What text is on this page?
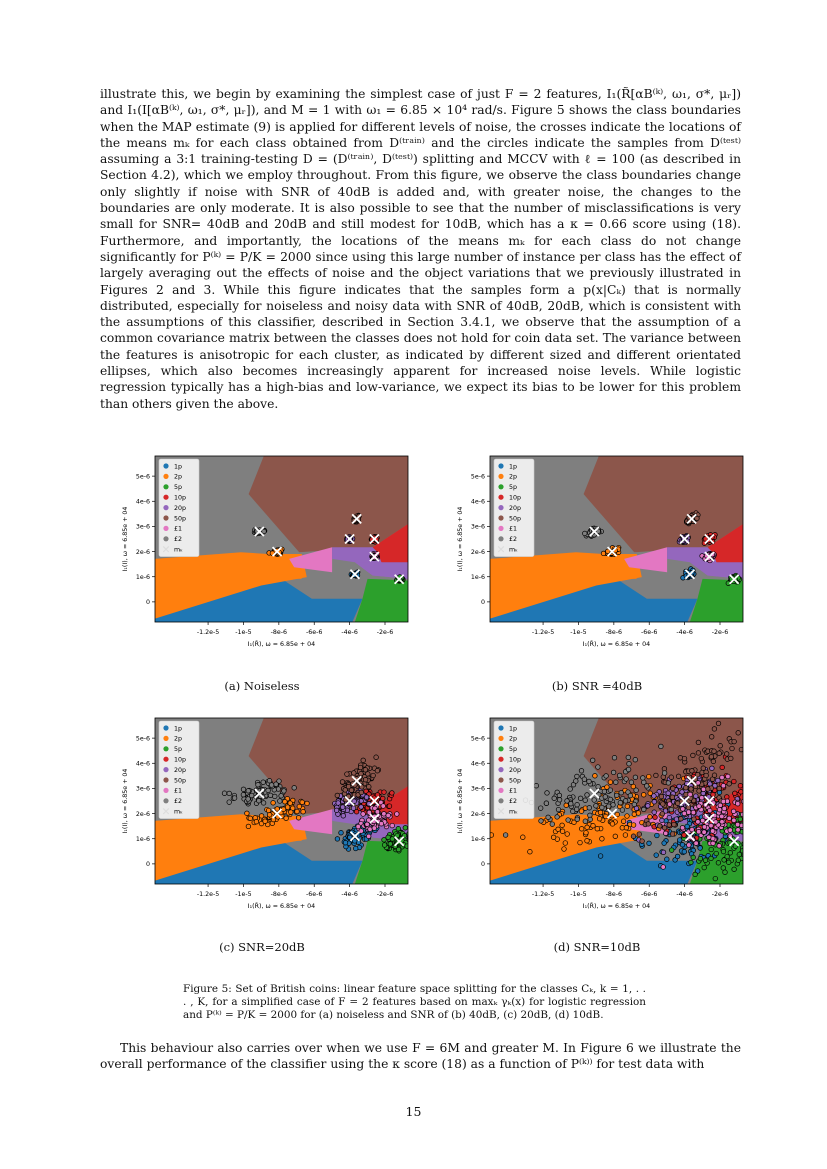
illustrate this, we begin by examining the simplest case of just F = 2 features, I₁(R̃[αB⁽ᵏ⁾, ω₁, σ*, μᵣ]) and I₁(I[αB⁽ᵏ⁾, ω₁, σ*, μᵣ]), and M = 1 with ω₁ = 6.85 × 10⁴ rad/s. Figure 5 shows the class boundaries when the MAP estimate (9) is applied for different levels of noise, the crosses indicate the locations of the means mₖ for each class obtained from D⁽ᵗʳᵃⁱⁿ⁾ and the circles indicate the samples from D⁽ᵗᵉˢᵗ⁾ assuming a 3:1 training-testing D = (D⁽ᵗʳᵃⁱⁿ⁾, D⁽ᵗᵉˢᵗ⁾) splitting and MCCV with ℓ = 100 (as described in Section 4.2), which we employ throughout. From this figure, we observe the class boundaries change only slightly if noise with SNR of 40dB is added and, with greater noise, the changes to the boundaries are only moderate. It is also possible to see that the number of misclassifications is very small for SNR= 40dB and 20dB and still modest for 10dB, which has a κ = 0.66 score using (18). Furthermore, and importantly, the locations of the means mₖ for each class do not change significantly for P⁽ᵏ⁾ = P/K = 2000 since using this large number of instance per class has the effect of largely averaging out the effects of noise and the object variations that we previously illustrated in Figures 2 and 3. While this figure indicates that the samples form a p(x|Cₖ) that is normally distributed, especially for noiseless and noisy data with SNR of 40dB, 20dB, which is consistent with the assumptions of this classifier, described in Section 3.4.1, we observe that the assumption of a common covariance matrix between the classes does not hold for coin data set. The variance between the features is anisotropic for each cluster, as indicated by different sized and different orientated ellipses, which also becomes increasingly apparent for increased noise levels. While logistic regression typically has a high-bias and low-variance, we expect its bias to be lower for this problem than others given the above.

-1.2e-5	-1e-5	-8e-6	-6e-6	-4e-6	-2e-6
0
1e-6
2e-6
3e-6
4e-6
5e-6
I₁(R̃), ω = 6.85e + 04
I₁(I), ω = 6.85e + 04
1p
2p
5p
10p
20p
50p
£1
£2
mₖ
-1.2e-5	-1e-5	-8e-6	-6e-6	-4e-6	-2e-6
0
1e-6
2e-6
3e-6
4e-6
5e-6
I₁(R̃), ω = 6.85e + 04
I₁(I), ω = 6.85e + 04
1p
2p
5p
10p
20p
50p
£1
£2
mₖ
(a) Noiseless	(b) SNR =40dB
-1.2e-5	-1e-5	-8e-6	-6e-6	-4e-6	-2e-6
0
1e-6
2e-6
3e-6
4e-6
5e-6
I₁(R̃), ω = 6.85e + 04
I₁(I), ω = 6.85e + 04
1p
2p
5p
10p
20p
50p
£1
£2
mₖ
-1.2e-5	-1e-5	-8e-6	-6e-6	-4e-6	-2e-6
0
1e-6
2e-6
3e-6
4e-6
5e-6
I₁(R̃), ω = 6.85e + 04
I₁(I), ω = 6.85e + 04
1p
2p
5p
10p
20p
50p
£1
£2
mₖ
(c) SNR=20dB	(d) SNR=10dB

Figure 5: Set of British coins: linear feature space splitting for the classes Cₖ, k = 1, . . . , K, for a simplified case of F = 2 features based on maxₖ γₖ(x) for logistic regression and P⁽ᵏ⁾ = P/K = 2000 for (a) noiseless and SNR of (b) 40dB, (c) 20dB, (d) 10dB.

This behaviour also carries over when we use F = 6M and greater M. In Figure 6 we illustrate the overall performance of the classifier using the κ score (18) as a function of P⁽ᵏ⁾⁾ for test data with

15
